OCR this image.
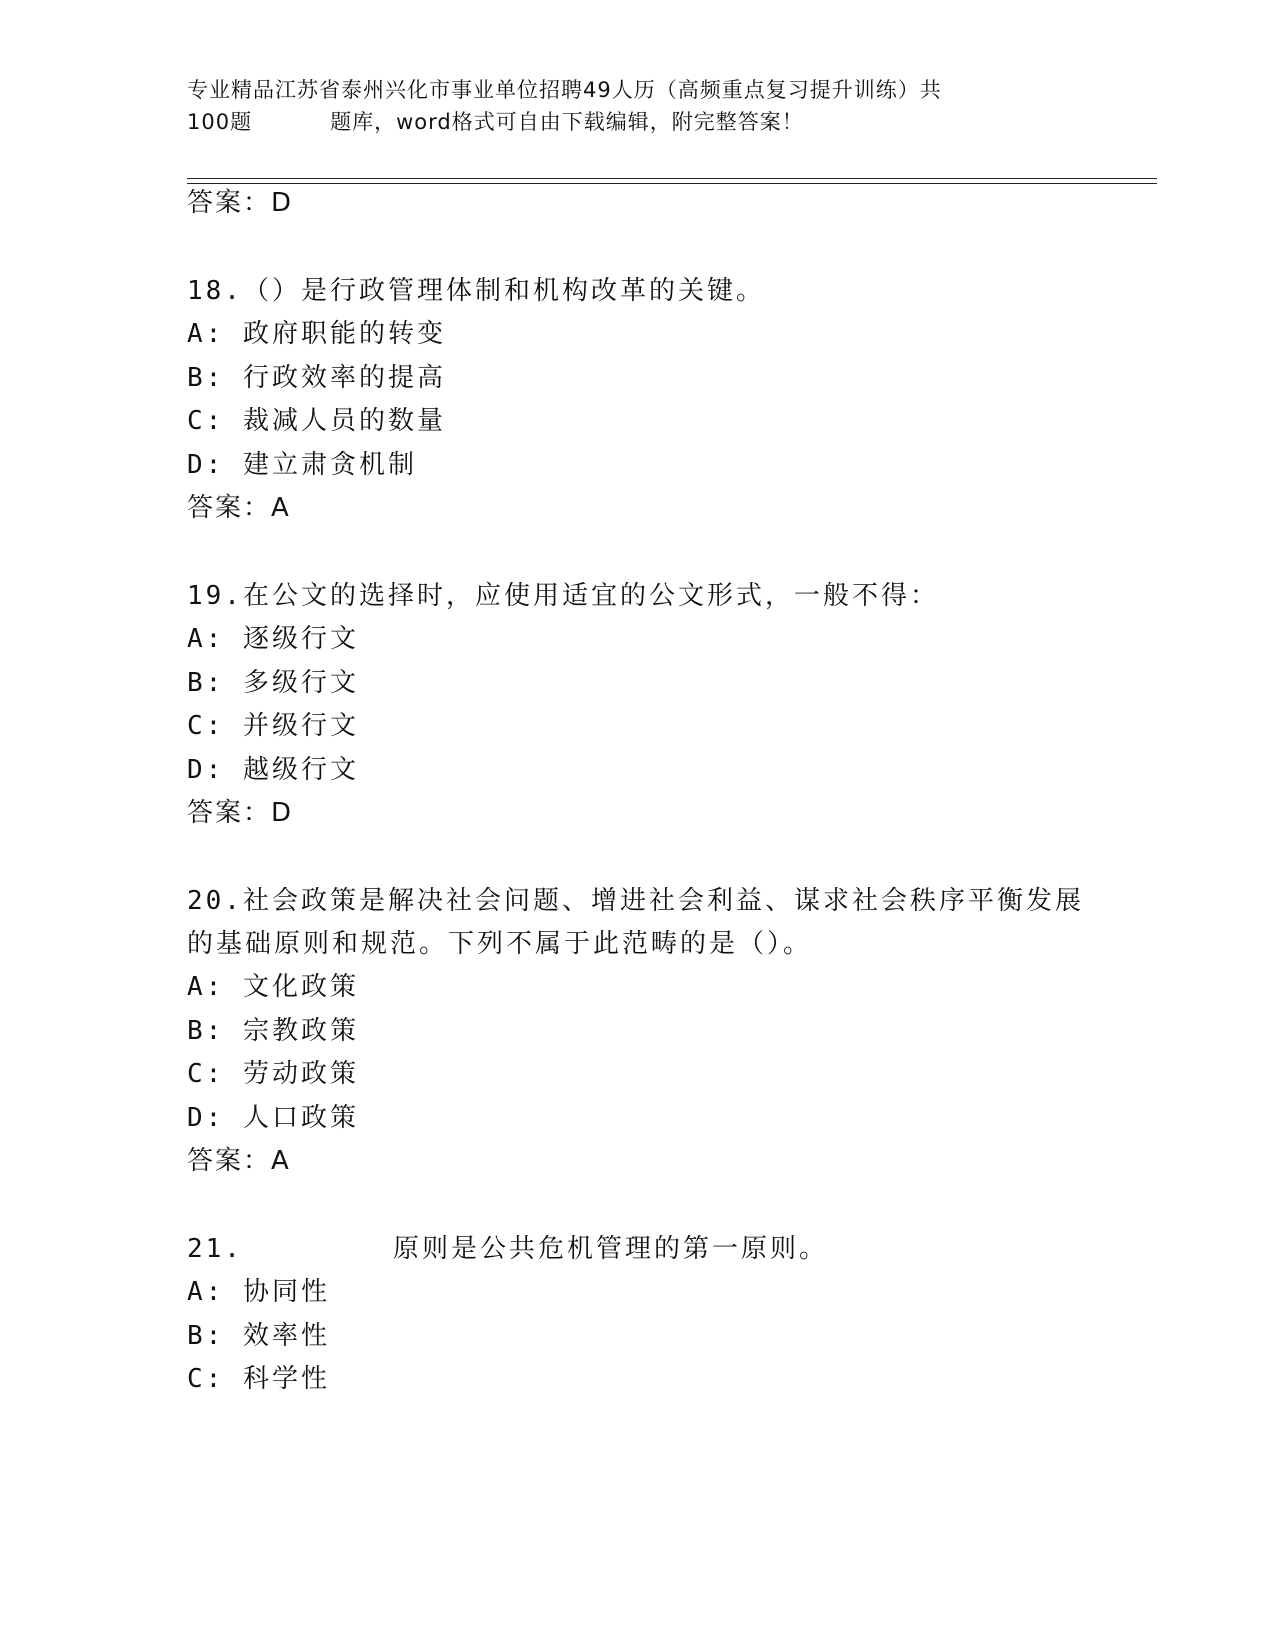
专业精品江苏省泰州兴化市事业单位招聘49人历（高频重点复习提升训练）共
100题	题库，word格式可自由下载编辑，附完整答案！
答案：D
18.（）是行政管理体制和机构改革的关键。
A: 政府职能的转变
B: 行政效率的提高
C: 裁减人员的数量
D: 建立肃贪机制
答案：A
19.在公文的选择时，应使用适宜的公文形式，一般不得：
A: 逐级行文
B: 多级行文
C: 并级行文
D: 越级行文
答案：D
20.社会政策是解决社会问题、增进社会利益、谋求社会秩序平衡发展
的基础原则和规范。下列不属于此范畴的是（）。
A: 文化政策
B: 宗教政策
C: 劳动政策
D: 人口政策
答案：A
21.	原则是公共危机管理的第一原则。
A: 协同性
B: 效率性
C: 科学性
